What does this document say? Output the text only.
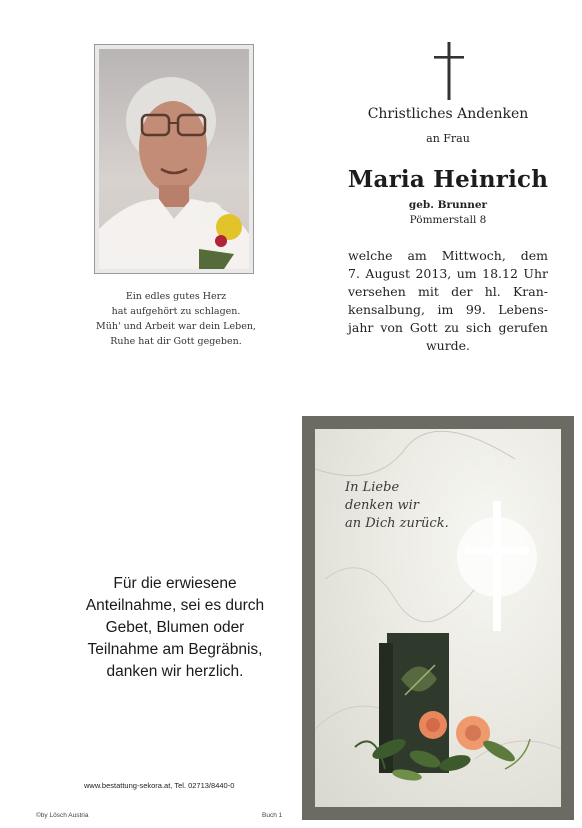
Ein edles gutes Herz
hat aufgehört zu schlagen.
Müh' und Arbeit war dein Leben,
Ruhe hat dir Gott gegeben.
Christliches Andenken
an Frau
Maria Heinrich
geb. Brunner
Pömmerstall 8
welche am Mittwoch, dem
7. August 2013, um 18.12 Uhr
versehen mit der hl. Kran-
kensalbung, im 99. Lebens-
jahr von Gott zu sich gerufen
wurde.
Für die erwiesene
Anteilnahme, sei es durch
Gebet, Blumen oder
Teilnahme am Begräbnis,
danken wir herzlich.
www.bestattung-sekora.at, Tel. 02713/8440-0
©by Lösch Austria	Buch 1
In Liebe
denken wir
an Dich zurück.
